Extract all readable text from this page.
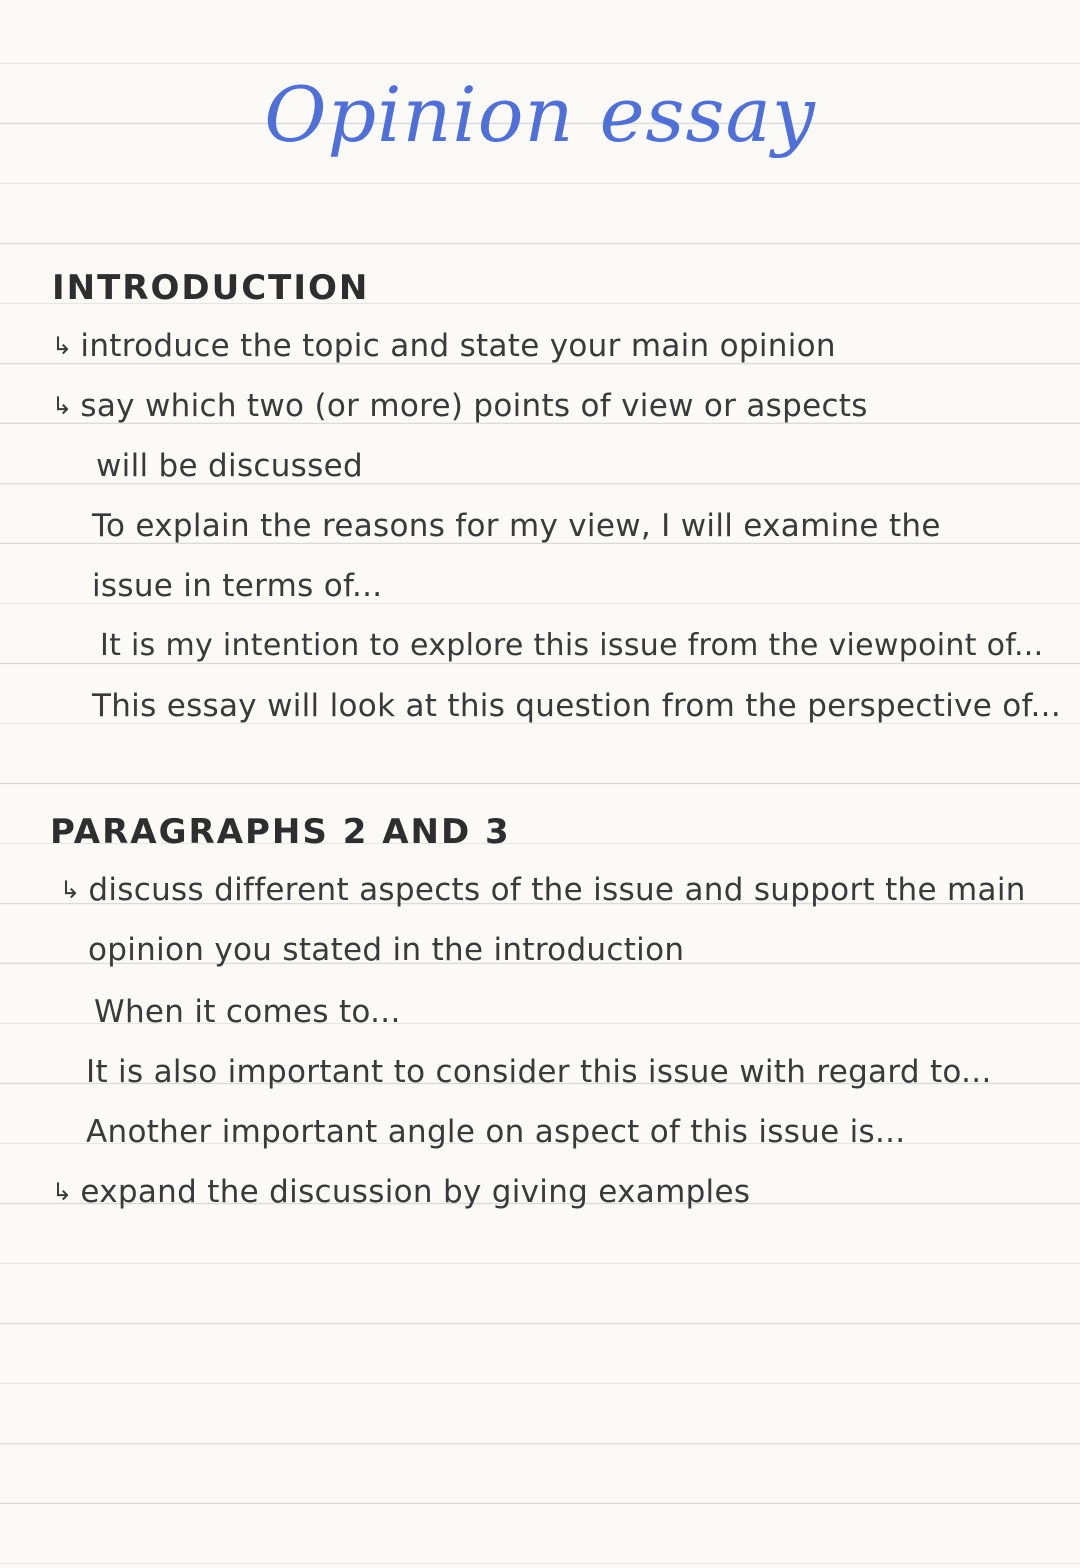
Opinion essay
INTRODUCTION
↳ introduce the topic and state your main opinion
↳ say which two (or more) points of view or aspects
will be discussed
To explain the reasons for my view, I will examine the
issue in terms of...
It is my intention to explore this issue from the viewpoint of...
This essay will look at this question from the perspective of...
PARAGRAPHS 2 AND 3
↳ discuss different aspects of the issue and support the main
opinion you stated in the introduction
When it comes to...
It is also important to consider this issue with regard to...
Another important angle on aspect of this issue is...
↳ expand the discussion by giving examples
